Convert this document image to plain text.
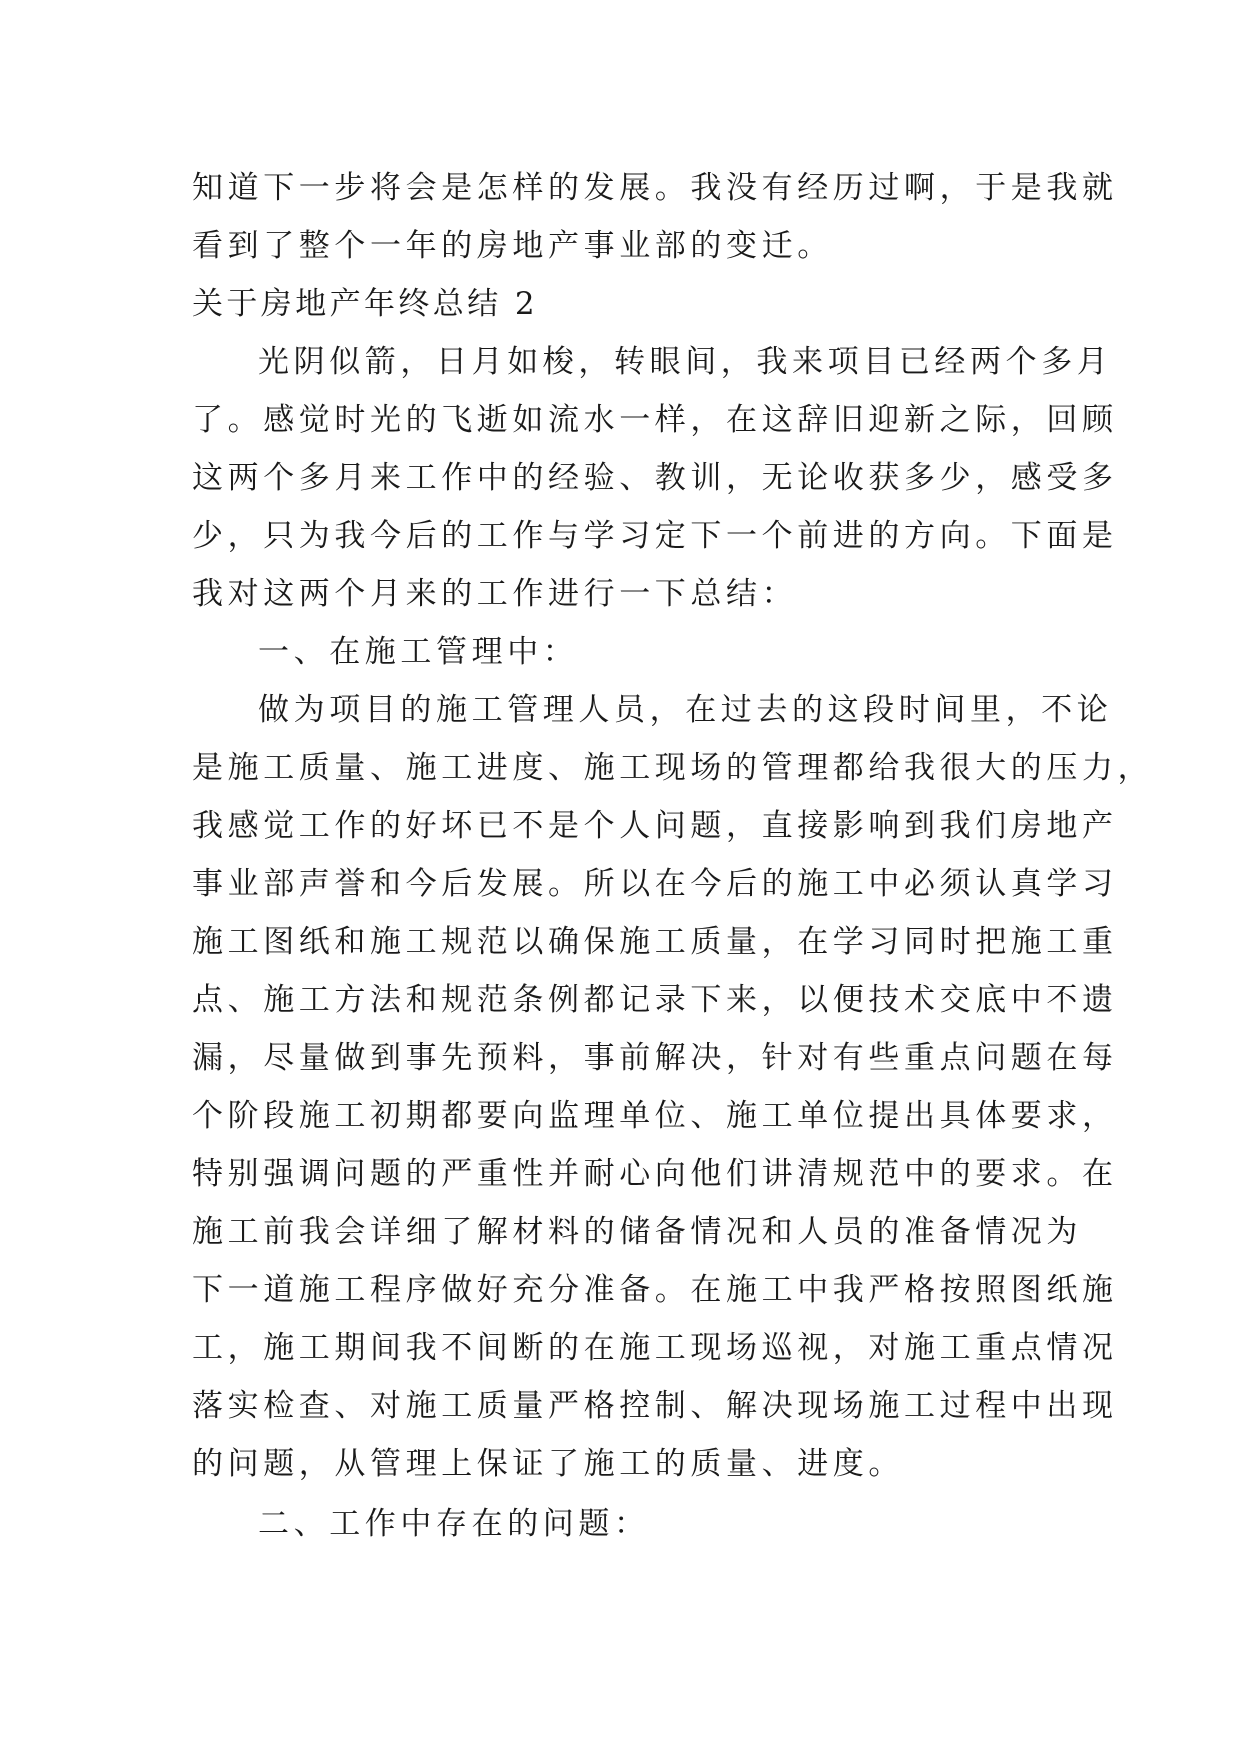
知道下一步将会是怎样的发展。我没有经历过啊，于是我就
看到了整个一年的房地产事业部的变迁。
关于房地产年终总结 2
光阴似箭，日月如梭，转眼间，我来项目已经两个多月
了。感觉时光的飞逝如流水一样，在这辞旧迎新之际，回顾
这两个多月来工作中的经验、教训，无论收获多少，感受多
少，只为我今后的工作与学习定下一个前进的方向。下面是
我对这两个月来的工作进行一下总结：
一、在施工管理中：
做为项目的施工管理人员，在过去的这段时间里，不论
是施工质量、施工进度、施工现场的管理都给我很大的压力，
我感觉工作的好坏已不是个人问题，直接影响到我们房地产
事业部声誉和今后发展。所以在今后的施工中必须认真学习
施工图纸和施工规范以确保施工质量，在学习同时把施工重
点、施工方法和规范条例都记录下来，以便技术交底中不遗
漏，尽量做到事先预料，事前解决，针对有些重点问题在每
个阶段施工初期都要向监理单位、施工单位提出具体要求，
特别强调问题的严重性并耐心向他们讲清规范中的要求。在
施工前我会详细了解材料的储备情况和人员的准备情况为
下一道施工程序做好充分准备。在施工中我严格按照图纸施
工，施工期间我不间断的在施工现场巡视，对施工重点情况
落实检查、对施工质量严格控制、解决现场施工过程中出现
的问题，从管理上保证了施工的质量、进度。
二、工作中存在的问题：
